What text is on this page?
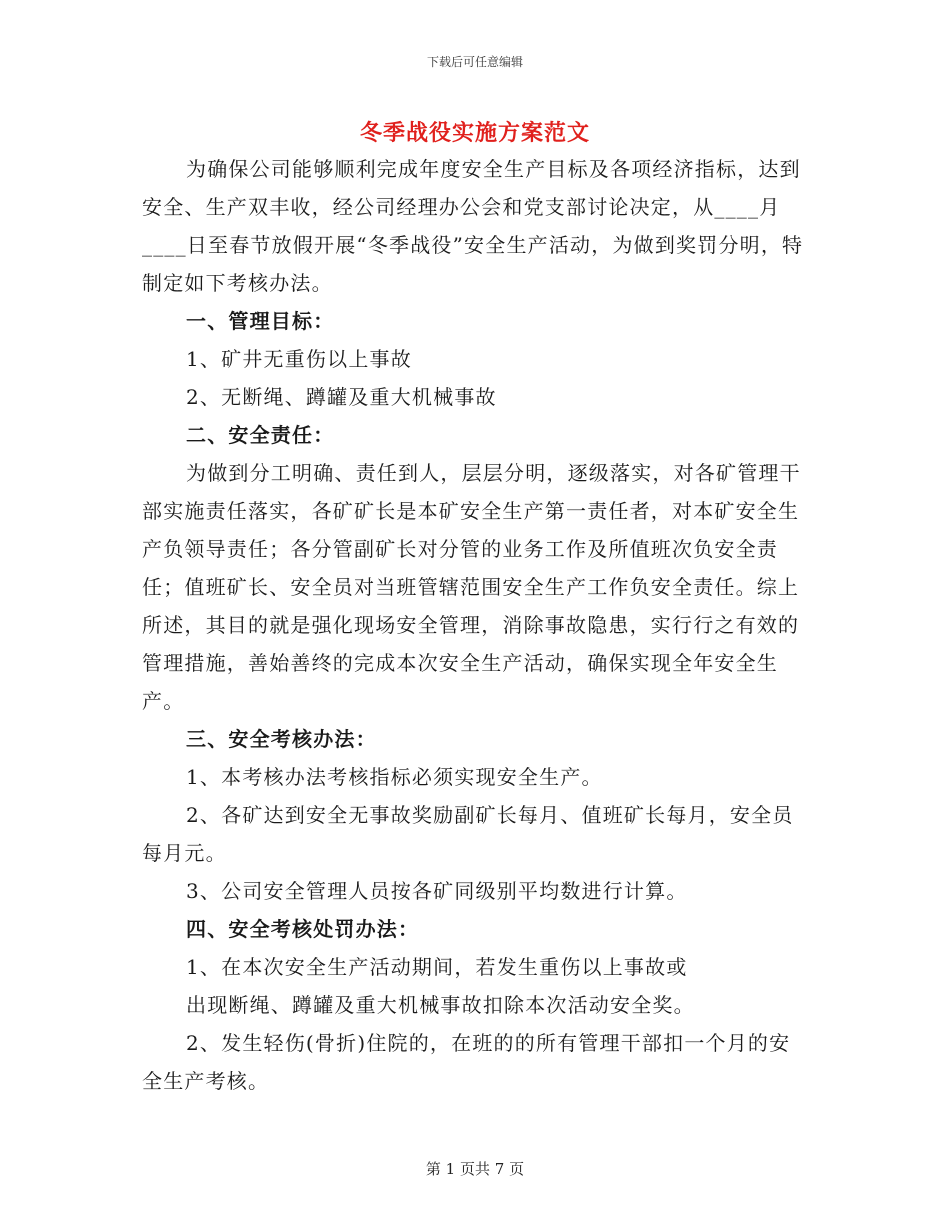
下载后可任意编辑
冬季战役实施方案范文

为确保公司能够顺利完成年度安全生产目标及各项经济指标，达到安全、生产双丰收，经公司经理办公会和党支部讨论决定，从____月____日至春节放假开展“冬季战役”安全生产活动，为做到奖罚分明，特制定如下考核办法。

一、管理目标：

1、矿井无重伤以上事故

2、无断绳、蹲罐及重大机械事故

二、安全责任：

为做到分工明确、责任到人，层层分明，逐级落实，对各矿管理干部实施责任落实，各矿矿长是本矿安全生产第一责任者，对本矿安全生产负领导责任；各分管副矿长对分管的业务工作及所值班次负安全责任；值班矿长、安全员对当班管辖范围安全生产工作负安全责任。综上所述，其目的就是强化现场安全管理，消除事故隐患，实行行之有效的管理措施，善始善终的完成本次安全生产活动，确保实现全年安全生产。

三、安全考核办法：

1、本考核办法考核指标必须实现安全生产。

2、各矿达到安全无事故奖励副矿长每月、值班矿长每月，安全员每月元。

3、公司安全管理人员按各矿同级别平均数进行计算。

四、安全考核处罚办法：

1、在本次安全生产活动期间，若发生重伤以上事故或

出现断绳、蹲罐及重大机械事故扣除本次活动安全奖。

2、发生轻伤(骨折)住院的，在班的的所有管理干部扣一个月的安全生产考核。

第 1 页共 7 页
